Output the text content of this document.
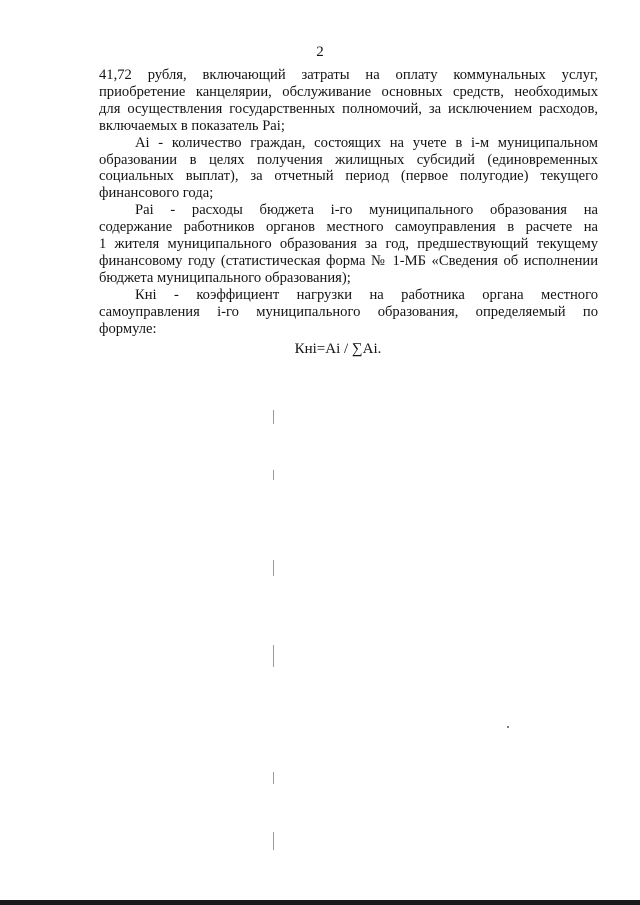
2

41,72 рубля, включающий затраты на оплату коммунальных услуг,
приобретение канцелярии, обслуживание основных средств, необходимых
для осуществления государственных полномочий, за исключением расходов,
включаемых в показатель Раi;

Аi - количество граждан, состоящих на учете в i-м муниципальном
образовании в целях получения жилищных субсидий (единовременных
социальных выплат), за отчетный период (первое полугодие) текущего
финансового года;

Раi - расходы бюджета i-го муниципального образования на
содержание работников органов местного самоуправления в расчете на
1 жителя муниципального образования за год, предшествующий текущему
финансовому году (статистическая форма № 1-МБ «Сведения об исполнении
бюджета муниципального образования);

Кнi - коэффициент нагрузки на работника органа местного
самоуправления i-го муниципального образования, определяемый по
формуле:

Кнi=Аi / ∑Аi.
